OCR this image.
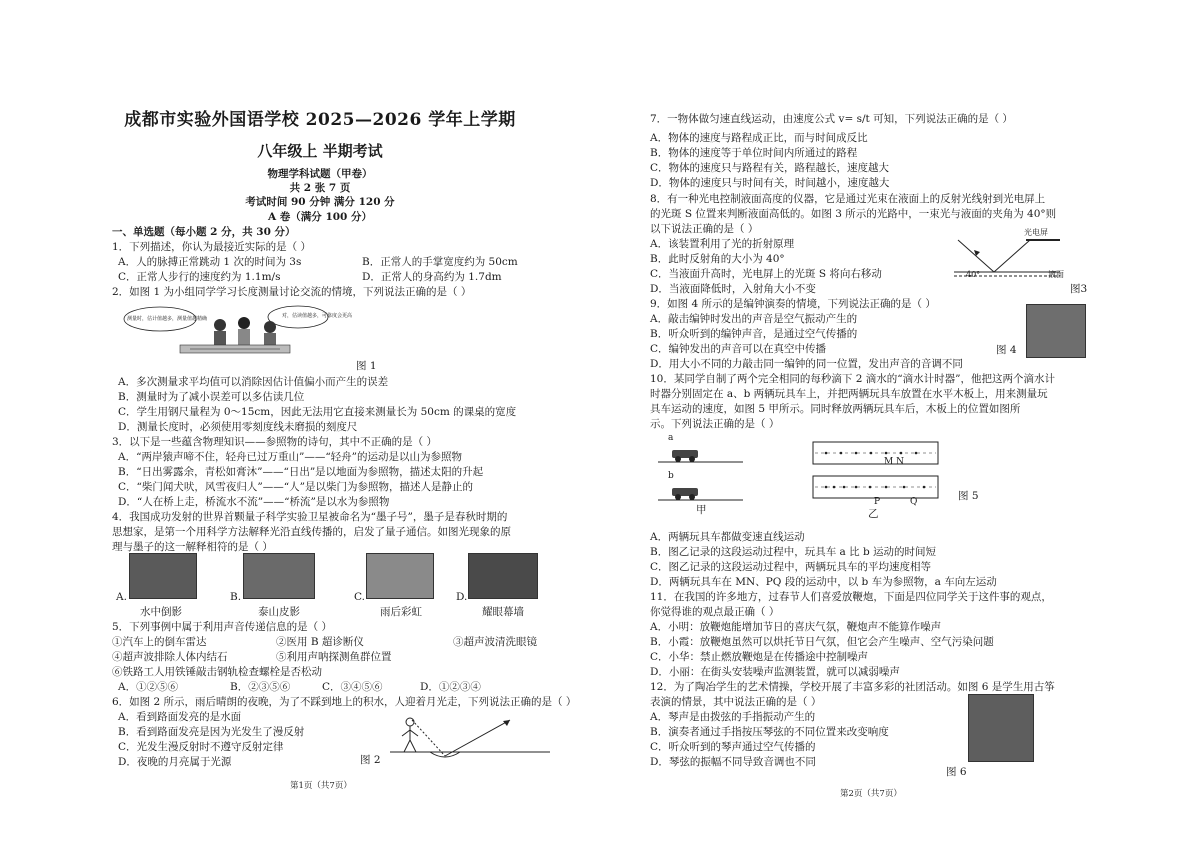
成都市实验外国语学校 2025—2026 学年上学期
八年级上 半期考试
物理学科试题（甲卷）
共 2 张 7 页
考试时间 90 分钟 满分 120 分
A 卷（满分 100 分）
一、单选题（每小题 2 分，共 30 分）
1．下列描述，你认为最接近实际的是（ ）
A．人的脉搏正常跳动 1 次的时间为 3s	B．正常人的手掌宽度约为 50cm
C．正常人步行的速度约为 1.1m/s	D．正常人的身高约为 1.7dm
2．如图 1 为小组同学学习长度测量讨论交流的情境，下列说法正确的是（ ）
测量时，估计值越多，测量值越精确	对，估读值越多，可靠度会更高
图 1
A．多次测量求平均值可以消除因估计值偏小而产生的误差
B．测量时为了减小误差可以多估读几位
C．学生用钢尺量程为 0～15cm，因此无法用它直接来测量长为 50cm 的课桌的宽度
D．测量长度时，必须使用零刻度线未磨损的刻度尺
3．以下是一些蕴含物理知识——参照物的诗句，其中不正确的是（ ）
A．“两岸猿声啼不住，轻舟已过万重山”——“轻舟”的运动是以山为参照物
B．“日出雾露余，青松如膏沐”——“日出”是以地面为参照物，描述太阳的升起
C．“柴门闻犬吠，风雪夜归人”——“人”是以柴门为参照物，描述人是静止的
D．“人在桥上走，桥流水不流”——“桥流”是以水为参照物
4．我国成功发射的世界首颗量子科学实验卫星被命名为“墨子号”，墨子是春秋时期的
思想家，是第一个用科学方法解释光沿直线传播的，启发了量子通信。如图光现象的原
理与墨子的这一解释相符的是（ ）
A.
水中倒影
B.
泰山皮影
C.
雨后彩虹
D.
耀眼幕墙
5．下列事例中属于利用声音传递信息的是（ ）
①汽车上的倒车雷达	②医用 B 超诊断仪	③超声波清洗眼镜
④超声波排除人体内结石	⑤利用声呐探测鱼群位置
⑥铁路工人用铁锤敲击钢轨检查螺栓是否松动
A．①②⑤⑥	B．②③⑤⑥	C．③④⑤⑥	D．①②③④
6．如图 2 所示，雨后晴朗的夜晚，为了不踩到地上的积水，人迎着月光走，下列说法正确的是（ ）
A．看到路面发亮的是水面
B．看到路面发亮是因为光发生了漫反射
C．光发生漫反射时不遵守反射定律
D．夜晚的月亮属于光源	图 2
第1页（共7页）
7．一物体做匀速直线运动，由速度公式 v= s/t 可知，下列说法正确的是（ ）
A．物体的速度与路程成正比，而与时间成反比
B．物体的速度等于单位时间内所通过的路程
C．物体的速度只与路程有关，路程越长，速度越大
D．物体的速度只与时间有关，时间越小，速度越大
8．有一种光电控制液面高度的仪器，它是通过光束在液面上的反射光线射到光电屏上
的光斑 S 位置来判断液面高低的。如图 3 所示的光路中，一束光与液面的夹角为 40°则
以下说法正确的是（ ）
A．该装置利用了光的折射原理
B．此时反射角的大小为 40°
C．当液面升高时，光电屏上的光斑 S 将向右移动
D．当液面降低时，入射角大小不变
光电屏
40°	液面
图3
9．如图 4 所示的是编钟演奏的情境，下列说法正确的是（ ）
A．敲击编钟时发出的声音是空气振动产生的
B．听众听到的编钟声音，是通过空气传播的
C．编钟发出的声音可以在真空中传播
D．用大小不同的力敲击同一编钟的同一位置，发出声音的音调不同
图 4
10．某同学自制了两个完全相同的每秒滴下 2 滴水的“滴水计时器”，他把这两个滴水计
时器分别固定在 a、b 两辆玩具车上，并把两辆玩具车放置在水平木板上，用来测量玩
具车运动的速度，如图 5 甲所示。同时释放两辆玩具车后，木板上的位置如图所
示。下列说法正确的是（ ）
a
b
甲
M N
P	Q
乙
图 5
A．两辆玩具车都做变速直线运动
B．图乙记录的这段运动过程中，玩具车 a 比 b 运动的时间短
C．图乙记录的这段运动过程中，两辆玩具车的平均速度相等
D．两辆玩具车在 MN、PQ 段的运动中，以 b 车为参照物，a 车向左运动
11．在我国的许多地方，过春节人们喜爱放鞭炮，下面是四位同学关于这件事的观点，
你觉得谁的观点最正确（ ）
A．小明：放鞭炮能增加节日的喜庆气氛，鞭炮声不能算作噪声
B．小霞：放鞭炮虽然可以烘托节日气氛，但它会产生噪声、空气污染问题
C．小华：禁止燃放鞭炮是在传播途中控制噪声
D．小丽：在街头安装噪声监测装置，就可以减弱噪声
12．为了陶冶学生的艺术情操，学校开展了丰富多彩的社团活动。如图 6 是学生用古筝
表演的情景，其中说法正确的是（ ）
A．琴声是由拨弦的手指振动产生的
B．演奏者通过手指按压琴弦的不同位置来改变响度
C．听众听到的琴声通过空气传播的
D．琴弦的振幅不同导致音调也不同
图 6
第2页（共7页）
